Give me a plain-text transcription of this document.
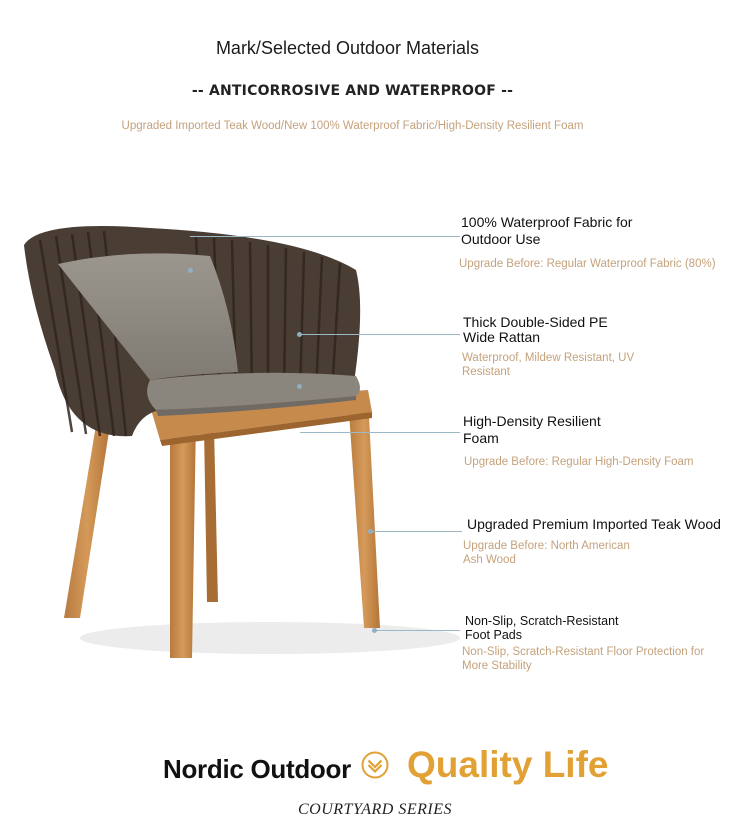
Mark/Selected Outdoor Materials
-- ANTICORROSIVE AND WATERPROOF --
Upgraded Imported Teak Wood/New 100% Waterproof Fabric/High-Density Resilient Foam
100% Waterproof Fabric for
Outdoor Use
Upgrade Before: Regular Waterproof Fabric (80%)
Thick Double-Sided PE
Wide Rattan
Waterproof, Mildew Resistant, UV
Resistant
High-Density Resilient
Foam
Upgrade Before: Regular High-Density Foam
Upgraded Premium Imported Teak Wood
Upgrade Before: North American
Ash Wood
Non-Slip, Scratch-Resistant
Foot Pads
Non-Slip, Scratch-Resistant Floor Protection for
More Stability
Nordic Outdoor Quality Life
COURTYARD SERIES
